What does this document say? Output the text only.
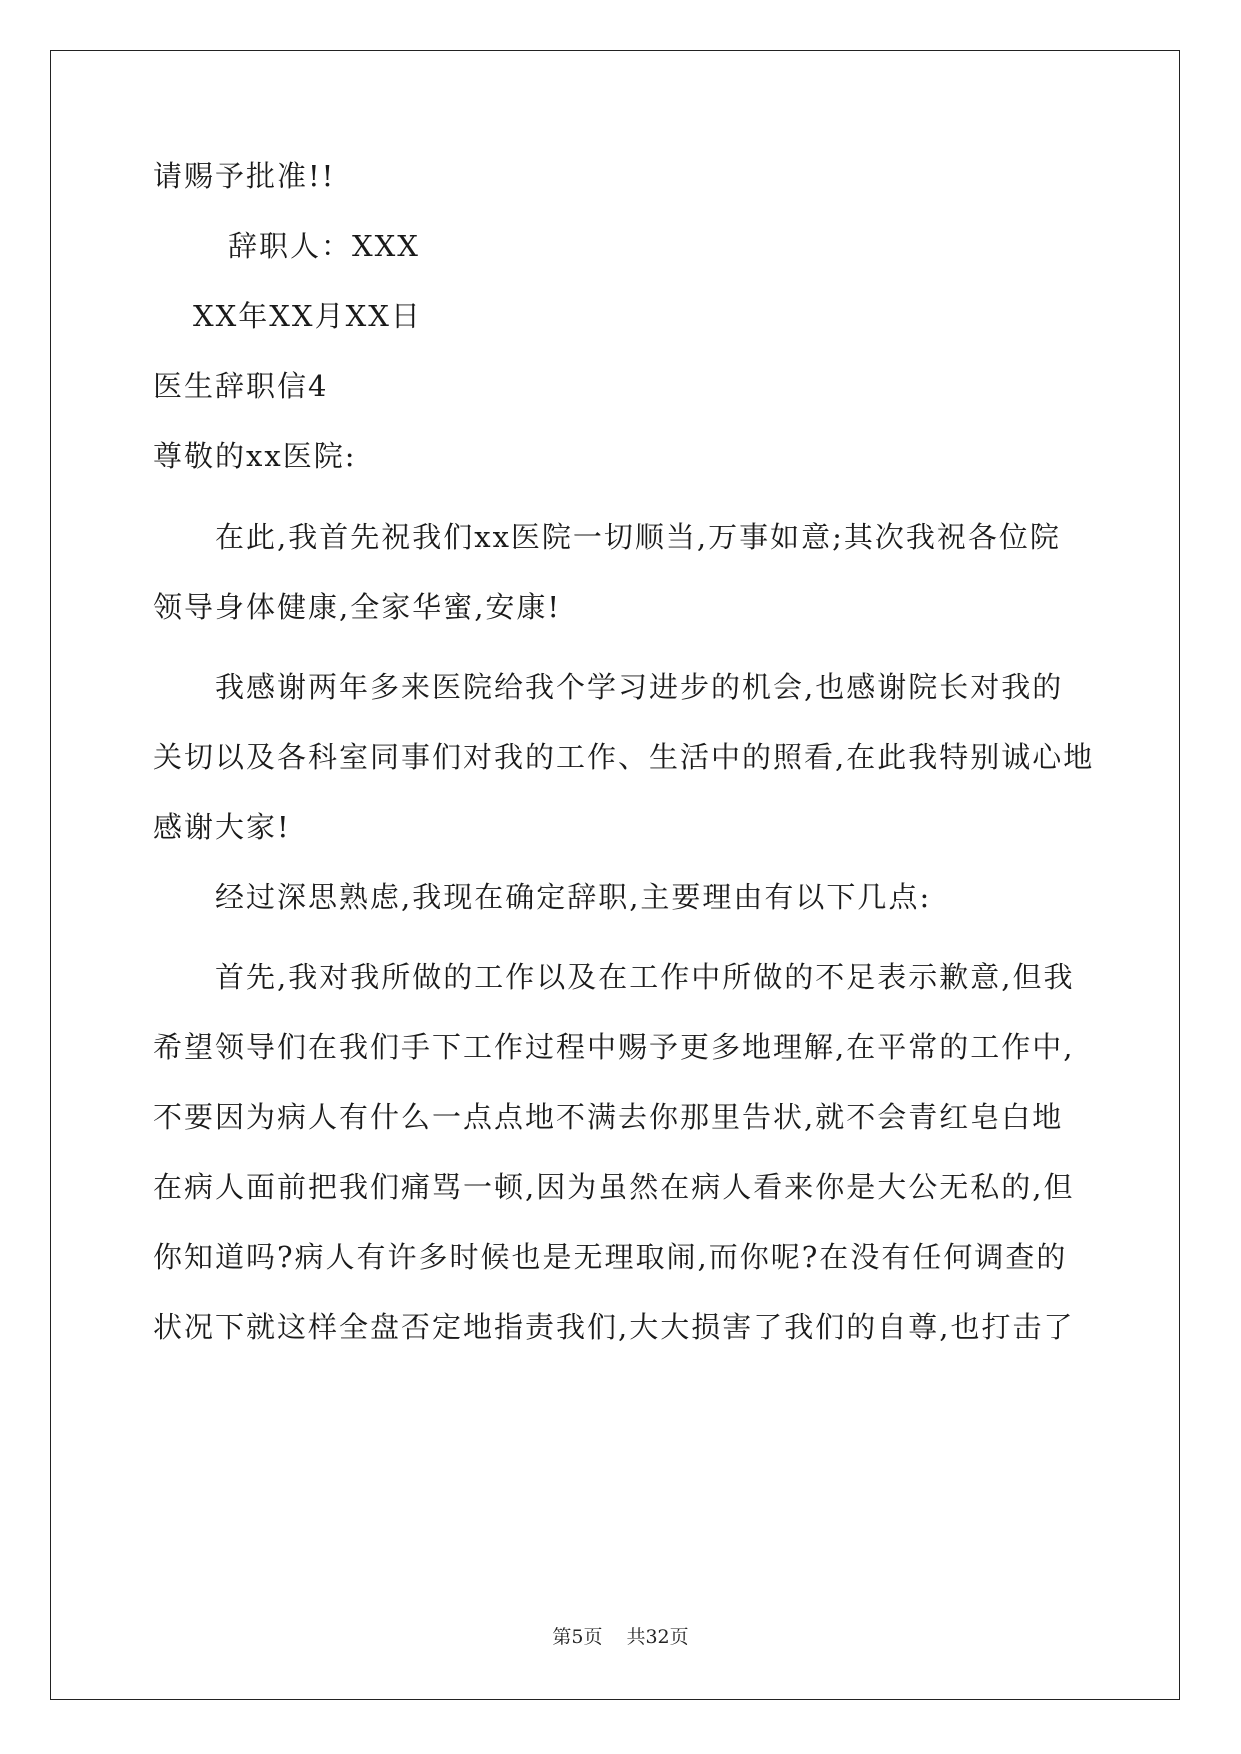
请赐予批准!!
辞职人：XXX
XX年XX月XX日
医生辞职信4
尊敬的xx医院:
在此,我首先祝我们xx医院一切顺当,万事如意;其次我祝各位院
领导身体健康,全家华蜜,安康!
我感谢两年多来医院给我个学习进步的机会,也感谢院长对我的
关切以及各科室同事们对我的工作、生活中的照看,在此我特别诚心地
感谢大家!
经过深思熟虑,我现在确定辞职,主要理由有以下几点:
首先,我对我所做的工作以及在工作中所做的不足表示歉意,但我
希望领导们在我们手下工作过程中赐予更多地理解,在平常的工作中,
不要因为病人有什么一点点地不满去你那里告状,就不会青红皂白地
在病人面前把我们痛骂一顿,因为虽然在病人看来你是大公无私的,但
你知道吗?病人有许多时候也是无理取闹,而你呢?在没有任何调查的
状况下就这样全盘否定地指责我们,大大损害了我们的自尊,也打击了
第5页 共32页
